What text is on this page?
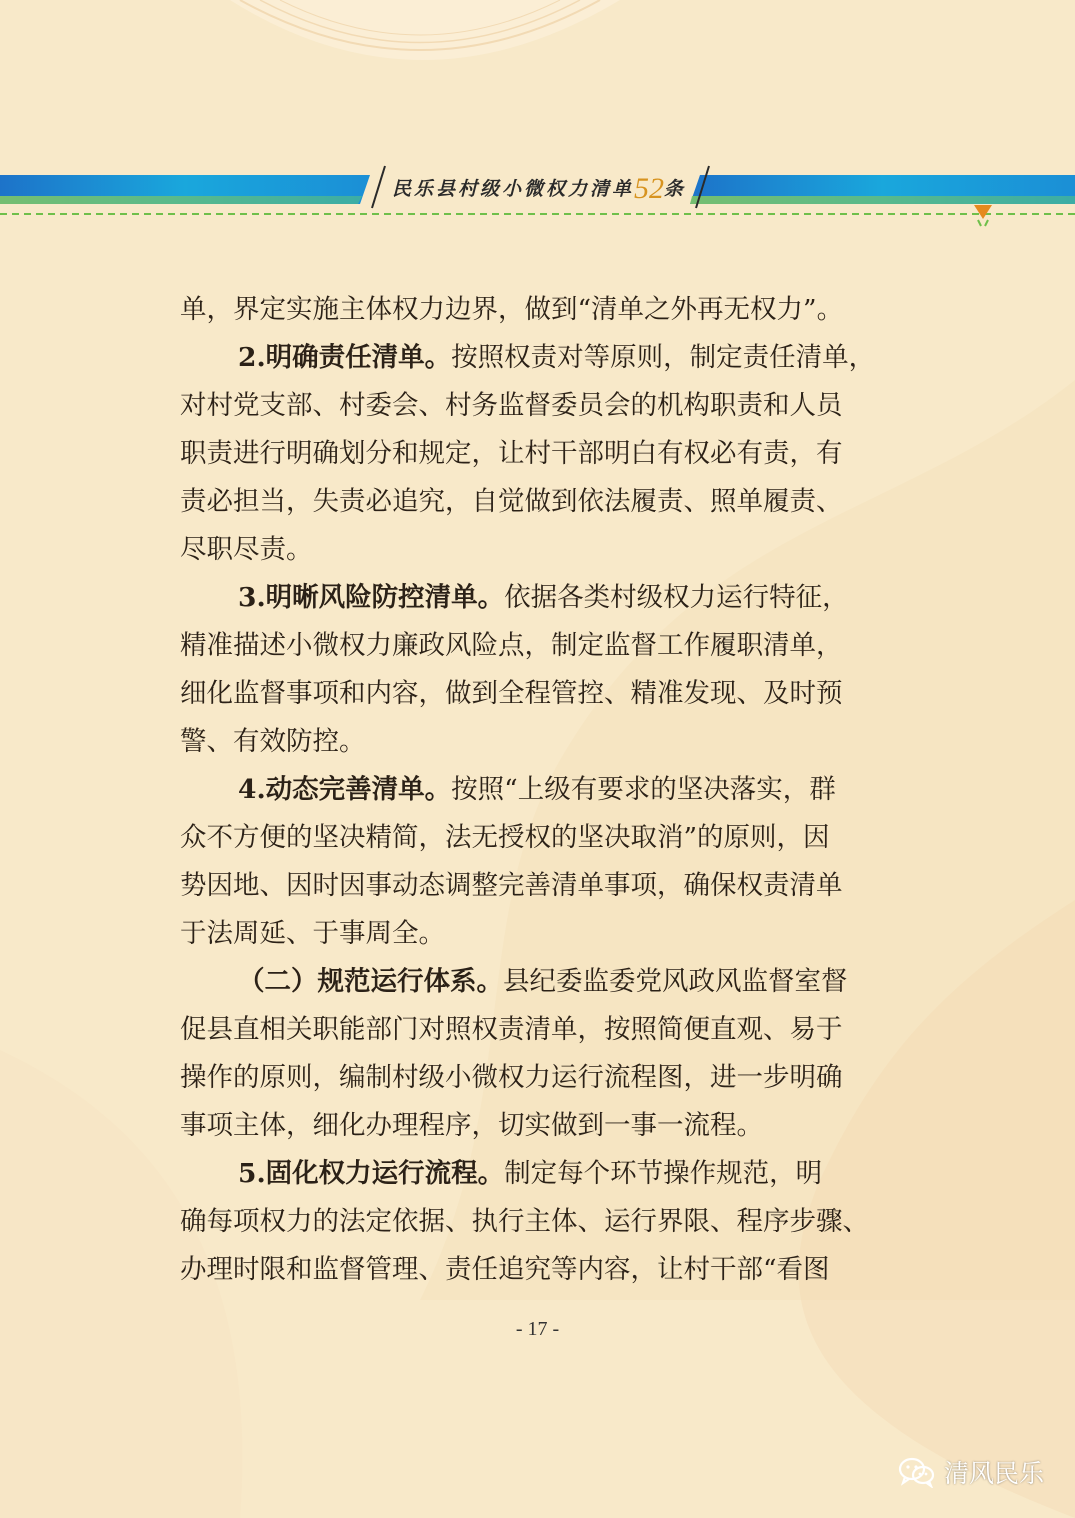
民乐县村级小微权力清单52条

单，界定实施主体权力边界，做到“清单之外再无权力”。

2.明确责任清单。按照权责对等原则，制定责任清单，

对村党支部、村委会、村务监督委员会的机构职责和人员

职责进行明确划分和规定，让村干部明白有权必有责，有

责必担当，失责必追究，自觉做到依法履责、照单履责、

尽职尽责。

3.明晰风险防控清单。依据各类村级权力运行特征，

精准描述小微权力廉政风险点，制定监督工作履职清单，

细化监督事项和内容，做到全程管控、精准发现、及时预

警、有效防控。

4.动态完善清单。按照“上级有要求的坚决落实，群

众不方便的坚决精简，法无授权的坚决取消”的原则，因

势因地、因时因事动态调整完善清单事项，确保权责清单

于法周延、于事周全。

（二）规范运行体系。县纪委监委党风政风监督室督

促县直相关职能部门对照权责清单，按照简便直观、易于

操作的原则，编制村级小微权力运行流程图，进一步明确

事项主体，细化办理程序，切实做到一事一流程。

5.固化权力运行流程。制定每个环节操作规范，明

确每项权力的法定依据、执行主体、运行界限、程序步骤、

办理时限和监督管理、责任追究等内容，让村干部“看图

- 17 -
清风民乐
